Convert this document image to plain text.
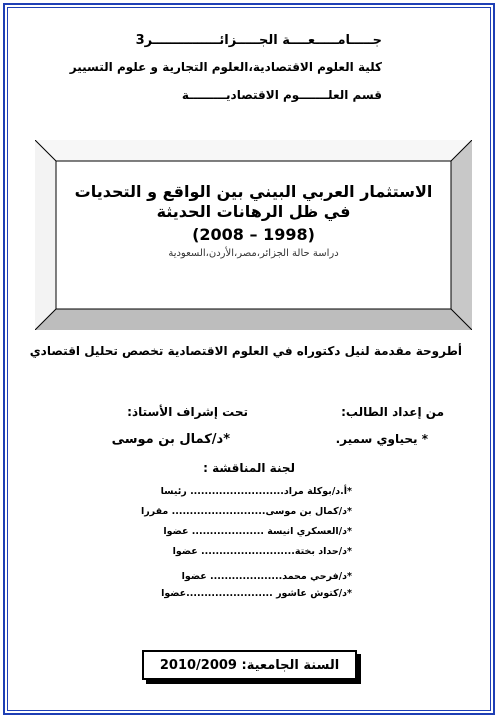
جـــــامـــــعــــة الجـــــزائـــــــــــــــر3
كلية العلوم الاقتصادية،العلوم التجارية و علوم التسيير
قسم العلـــــــوم الاقتصاديـــــــــة
الاستثمار العربي البيني بين الواقع و التحديات
في ظل الرهانات الحديثة
(1998 – 2008)
دراسة حالة الجزائر،مصر،الأردن،السعودية
أطروحة مقدمة لنيل دكتوراه في العلوم الاقتصادية تخصص تحليل اقتصادي
من إعداد الطالب:
تحت إشراف الأستاذ:
* يحياوي سمير.
*د/كمال بن موسى
لجنة المناقشة :
*أ.د/بوكلة مراد.......................... رئيسا
*د/كمال بن موسى.......................... مقررا
*د/العسكري انيسة .................... عضوا
*د/حداد بختة.......................... عضوا
*د/فرحي محمد.................... عضوا
*د/كتوش عاشور ........................عضوا
السنة الجامعية: 2010/2009
